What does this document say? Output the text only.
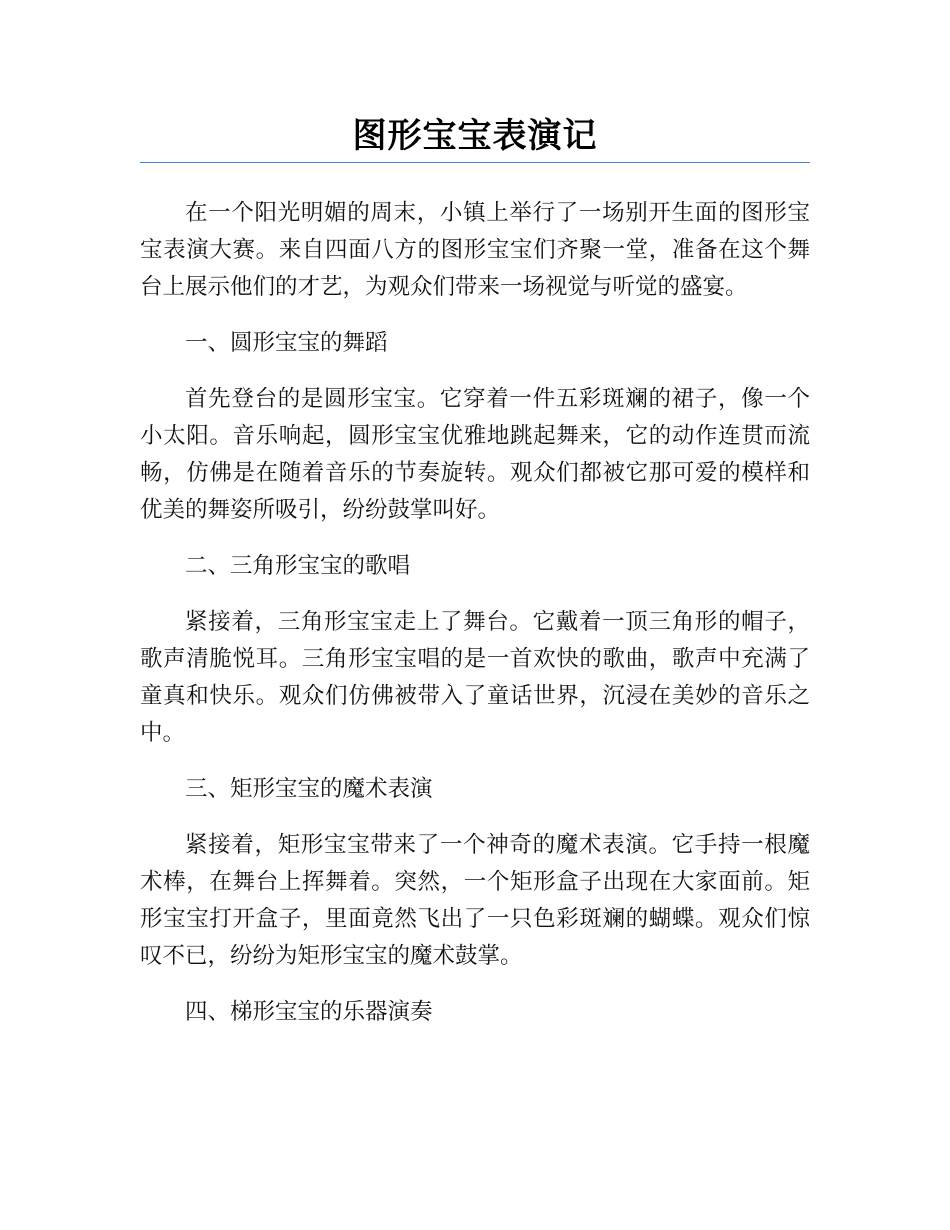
图形宝宝表演记

在一个阳光明媚的周末，小镇上举行了一场别开生面的图形宝宝表演大赛。来自四面八方的图形宝宝们齐聚一堂，准备在这个舞台上展示他们的才艺，为观众们带来一场视觉与听觉的盛宴。

一、圆形宝宝的舞蹈

首先登台的是圆形宝宝。它穿着一件五彩斑斓的裙子，像一个小太阳。音乐响起，圆形宝宝优雅地跳起舞来，它的动作连贯而流畅，仿佛是在随着音乐的节奏旋转。观众们都被它那可爱的模样和优美的舞姿所吸引，纷纷鼓掌叫好。

二、三角形宝宝的歌唱

紧接着，三角形宝宝走上了舞台。它戴着一顶三角形的帽子，歌声清脆悦耳。三角形宝宝唱的是一首欢快的歌曲，歌声中充满了童真和快乐。观众们仿佛被带入了童话世界，沉浸在美妙的音乐之中。

三、矩形宝宝的魔术表演

紧接着，矩形宝宝带来了一个神奇的魔术表演。它手持一根魔术棒，在舞台上挥舞着。突然，一个矩形盒子出现在大家面前。矩形宝宝打开盒子，里面竟然飞出了一只色彩斑斓的蝴蝶。观众们惊叹不已，纷纷为矩形宝宝的魔术鼓掌。

四、梯形宝宝的乐器演奏
